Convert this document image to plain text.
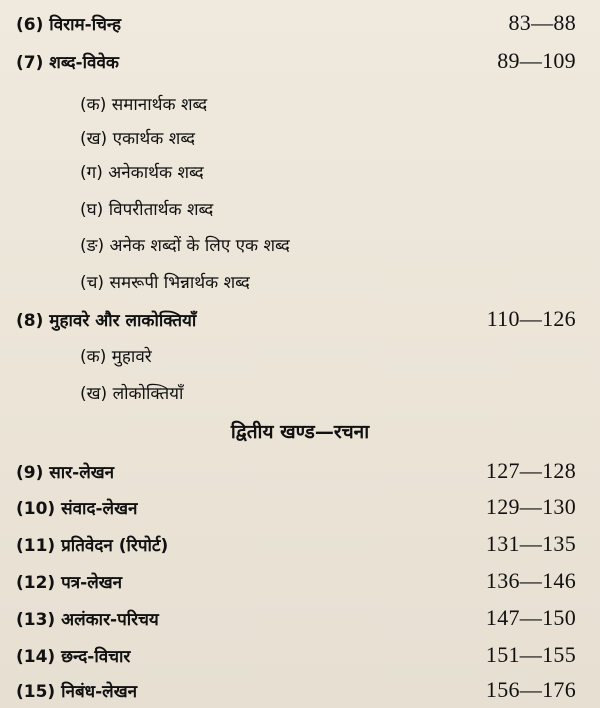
(6) विराम-चिन्ह	83—88
(7) शब्द-विवेक	89—109
(क) समानार्थक शब्द
(ख) एकार्थक शब्द
(ग) अनेकार्थक शब्द
(घ) विपरीतार्थक शब्द
(ङ) अनेक शब्दों के लिए एक शब्द
(च) समरूपी भिन्नार्थक शब्द
(8) मुहावरे और लाकोक्तियाँ	110—126
(क) मुहावरे
(ख) लोकोक्तियाँ
द्वितीय खण्ड—रचना
(9) सार-लेखन	127—128
(10) संवाद-लेखन	129—130
(11) प्रतिवेदन (रिपोर्ट)	131—135
(12) पत्र-लेखन	136—146
(13) अलंकार-परिचय	147—150
(14) छन्द-विचार	151—155
(15) निबंध-लेखन	156—176
